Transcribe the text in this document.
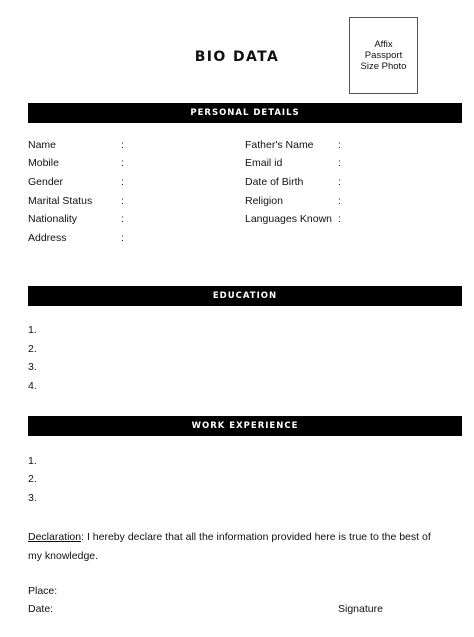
BIO DATA
Affix
Passport
Size Photo
PERSONAL DETAILS
Name	:
Mobile	:
Gender	:
Marital Status	:
Nationality	:
Address	:
Father's Name :
Email id	:
Date of Birth	:
Religion	:
Languages Known :
EDUCATION
1.
2.
3.
4.
WORK EXPERIENCE
1.
2.
3.
Declaration: I hereby declare that all the information provided here is true to the best of my knowledge.
Place:
Date:	Signature
